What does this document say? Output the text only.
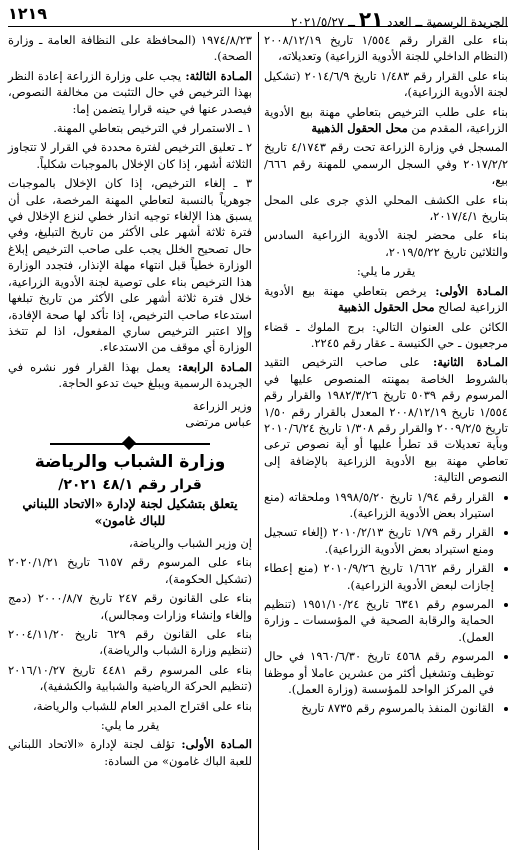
الجريدة الرسمية ــ العدد ٢١ ــ ٢٠٢١/٥/٢٧
١٢١٩

بناء على القرار رقم ١/٥٥٤ تاريخ ٢٠٠٨/١٢/١٩ (النظام الداخلي للجنة الأدوية الزراعية) وتعديلاته،

بناء على القرار رقم ١/٤٨٣ تاريخ ٢٠١٤/٦/٩ (تشكيل لجنة الأدوية الزراعية)،

بناء على طلب الترخيص بتعاطي مهنة بيع الأدوية الزراعية، المقدم من محل الحقول الذهبية

المسجل في وزارة الزراعة تحت رقم ٤/١٧٤٣ تاريخ ٢٠١٧/٢/٢ وفي السجل الرسمي للمهنة رقم ٦٦٦/بيع،

بناء على الكشف المحلي الذي جرى على المحل بتاريخ ٢٠١٧/٤/١،

بناء على محضر لجنة الأدوية الزراعية السادس والثلاثين تاريخ ٢٠١٩/٥/٢٢،

يقرر ما يلي:

المـادة الأولى: يرخص بتعاطي مهنة بيع الأدوية الزراعية لصالح محل الحقول الذهبية

الكائن على العنوان التالي: برج الملوك ـ قضاء مرجعيون ـ حي الكنيسة ـ عقار رقم ٢٢٤٥.

المـادة الثانية: على صاحب الترخيص التقيد بالشروط الخاصة بمهنته المنصوص عليها في المرسوم رقم ٥٠٣٩ تاريخ ١٩٨٢/٣/٢٦ والقرار رقم ١/٥٥٤ تاريخ ٢٠٠٨/١٢/١٩ المعدل بالقرار رقم ١/٥٠ تاريخ ٢٠٠٩/٢/٥ والقرار رقم ١/٣٠٨ تاريخ ٢٠١٠/٦/٢٤ وبأية تعديلات قد تطرأ عليها أو أية نصوص ترعى تعاطي مهنة بيع الأدوية الزراعية بالإضافة إلى النصوص التالية:

• القرار رقم ١/٩٤ تاريخ ١٩٩٨/٥/٢٠ وملحقاته (منع استيراد بعض الأدوية الزراعية).
• القرار رقم ١/٧٩ تاريخ ٢٠١٠/٢/١٣ (إلغاء تسجيل ومنع استيراد بعض الأدوية الزراعية).
• القرار رقم ١/٦٦٢ تاريخ ٢٠١٠/٩/٢٦ (منع إعطاء إجازات لبعض الأدوية الزراعية).
• المرسوم رقم ٦٣٤١ تاريخ ١٩٥١/١٠/٢٤ (تنظيم الحماية والرقابة الصحية في المؤسسات ـ وزارة العمل).
• المرسوم رقم ٤٥٦٨ تاريخ ١٩٦٠/٦/٣٠ في حال توظيف وتشغيل أكثر من عشرين عاملا أو موظفا في المركز الواحد للمؤسسة (وزارة العمل).
• القانون المنفذ بالمرسوم رقم ٨٧٣٥ تاريخ

١٩٧٤/٨/٢٣ (المحافظة على النظافة العامة ـ وزارة الصحة).

المـادة الثالثة: يجب على وزارة الزراعة إعادة النظر بهذا الترخيص في حال التثبت من مخالفة النصوص، فيصدر عنها في حينه قرارا يتضمن إما:

١ ـ الاستمرار في الترخيص بتعاطي المهنة.

٢ ـ تعليق الترخيص لفترة محددة في القرار لا تتجاوز الثلاثة أشهر، إذا كان الإخلال بالموجبات شكلياً.

٣ ـ إلغاء الترخيص، إذا كان الإخلال بالموجبات جوهرياً بالنسبة لتعاطي المهنة المرخصة، على أن يسبق هذا الإلغاء توجيه انذار خطي لنزع الإخلال في فترة ثلاثة أشهر على الأكثر من تاريخ التبليغ، وفي حال تصحيح الخلل يجب على صاحب الترخيص إبلاغ الوزارة خطياً قبل انتهاء مهلة الإنذار، فتجدد الوزارة هذا الترخيص بناء على توصية لجنة الأدوية الزراعية، خلال فترة ثلاثة أشهر على الأكثر من تاريخ تبلغها استدعاء صاحب الترخيص، إذا تأكد لها صحة الإفادة، وإلا اعتبر الترخيص ساري المفعول، اذا لم تتخذ الوزارة أي موقف من الاستدعاء.

المـادة الرابعة: يعمل بهذا القرار فور نشره في الجريدة الرسمية ويبلغ حيث تدعو الحاجة.

وزير الزراعة

عباس مرتضى

وزارة الشباب والرياضة
قرار رقم ٤٨/١ ٢٠٢١/
يتعلق بتشكيل لجنة لإدارة «الاتحاد اللبناني للباك غامون»

إن وزير الشباب والرياضة،

بناء على المرسوم رقم ٦١٥٧ تاريخ ٢٠٢٠/١/٢١ (تشكيل الحكومة)،

بناء على القانون رقم ٢٤٧ تاريخ ٢٠٠٠/٨/٧ (دمج وإلغاء وإنشاء وزارات ومجالس)،

بناء على القانون رقم ٦٢٩ تاريخ ٢٠٠٤/١١/٢٠ (تنظيم وزارة الشباب والرياضة)،

بناء على المرسوم رقم ٤٤٨١ تاريخ ٢٠١٦/١٠/٢٧ (تنظيم الحركة الرياضية والشبابية والكشفية)،

بناء على اقتراح المدير العام للشباب والرياضة،

يقرر ما يلي:

المـادة الأولى: تؤلف لجنة لإدارة «الاتحاد اللبناني للعبة الباك غامون» من السادة:
